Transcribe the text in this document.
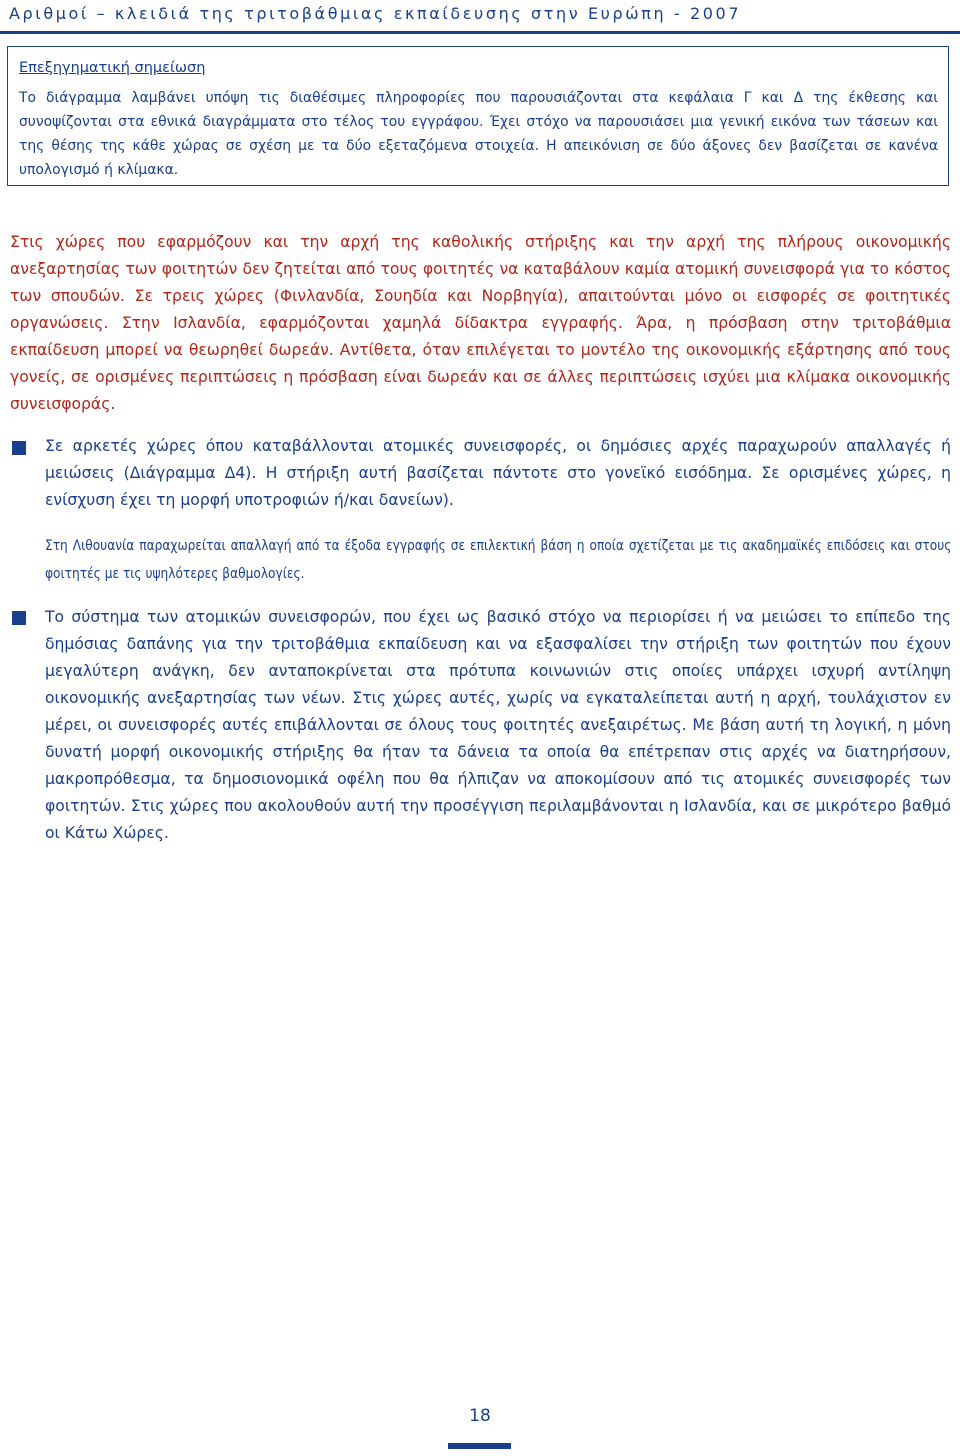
Αριθμοί – κλειδιά της τριτοβάθμιας εκπαίδευσης στην Ευρώπη - 2007
Επεξηγηματική σημείωση
Το διάγραμμα λαμβάνει υπόψη τις διαθέσιμες πληροφορίες που παρουσιάζονται στα κεφάλαια Γ και Δ της έκθεσης και συνοψίζονται στα εθνικά διαγράμματα στο τέλος του εγγράφου. Έχει στόχο να παρουσιάσει μια γενική εικόνα των τάσεων και της θέσης της κάθε χώρας σε σχέση με τα δύο εξεταζόμενα στοιχεία. Η απεικόνιση σε δύο άξονες δεν βασίζεται σε κανένα υπολογισμό ή κλίμακα.
Στις χώρες που εφαρμόζουν και την αρχή της καθολικής στήριξης και την αρχή της πλήρους οικονομικής ανεξαρτησίας των φοιτητών δεν ζητείται από τους φοιτητές να καταβάλουν καμία ατομική συνεισφορά για το κόστος των σπουδών. Σε τρεις χώρες (Φινλανδία, Σουηδία και Νορβηγία), απαιτούνται μόνο οι εισφορές σε φοιτητικές οργανώσεις. Στην Ισλανδία, εφαρμόζονται χαμηλά δίδακτρα εγγραφής. Άρα, η πρόσβαση στην τριτοβάθμια εκπαίδευση μπορεί να θεωρηθεί δωρεάν. Αντίθετα, όταν επιλέγεται το μοντέλο της οικονομικής εξάρτησης από τους γονείς, σε ορισμένες περιπτώσεις η πρόσβαση είναι δωρεάν και σε άλλες περιπτώσεις ισχύει μια κλίμακα οικονομικής συνεισφοράς.
Σε αρκετές χώρες όπου καταβάλλονται ατομικές συνεισφορές, οι δημόσιες αρχές παραχωρούν απαλλαγές ή μειώσεις (Διάγραμμα Δ4). Η στήριξη αυτή βασίζεται πάντοτε στο γονεϊκό εισόδημα. Σε ορισμένες χώρες, η ενίσχυση έχει τη μορφή υποτροφιών ή/και δανείων).
Στη Λιθουανία παραχωρείται απαλλαγή από τα έξοδα εγγραφής σε επιλεκτική βάση η οποία σχετίζεται με τις ακαδημαϊκές επιδόσεις και στους φοιτητές με τις υψηλότερες βαθμολογίες.
Το σύστημα των ατομικών συνεισφορών, που έχει ως βασικό στόχο να περιορίσει ή να μειώσει το επίπεδο της δημόσιας δαπάνης για την τριτοβάθμια εκπαίδευση και να εξασφαλίσει την στήριξη των φοιτητών που έχουν μεγαλύτερη ανάγκη, δεν ανταποκρίνεται στα πρότυπα κοινωνιών στις οποίες υπάρχει ισχυρή αντίληψη οικονομικής ανεξαρτησίας των νέων. Στις χώρες αυτές, χωρίς να εγκαταλείπεται αυτή η αρχή, τουλάχιστον εν μέρει, οι συνεισφορές αυτές επιβάλλονται σε όλους τους φοιτητές ανεξαιρέτως. Με βάση αυτή τη λογική, η μόνη δυνατή μορφή οικονομικής στήριξης θα ήταν τα δάνεια τα οποία θα επέτρεπαν στις αρχές να διατηρήσουν, μακροπρόθεσμα, τα δημοσιονομικά οφέλη που θα ήλπιζαν να αποκομίσουν από τις ατομικές συνεισφορές των φοιτητών. Στις χώρες που ακολουθούν αυτή την προσέγγιση περιλαμβάνονται η Ισλανδία, και σε μικρότερο βαθμό οι Κάτω Χώρες.
18
